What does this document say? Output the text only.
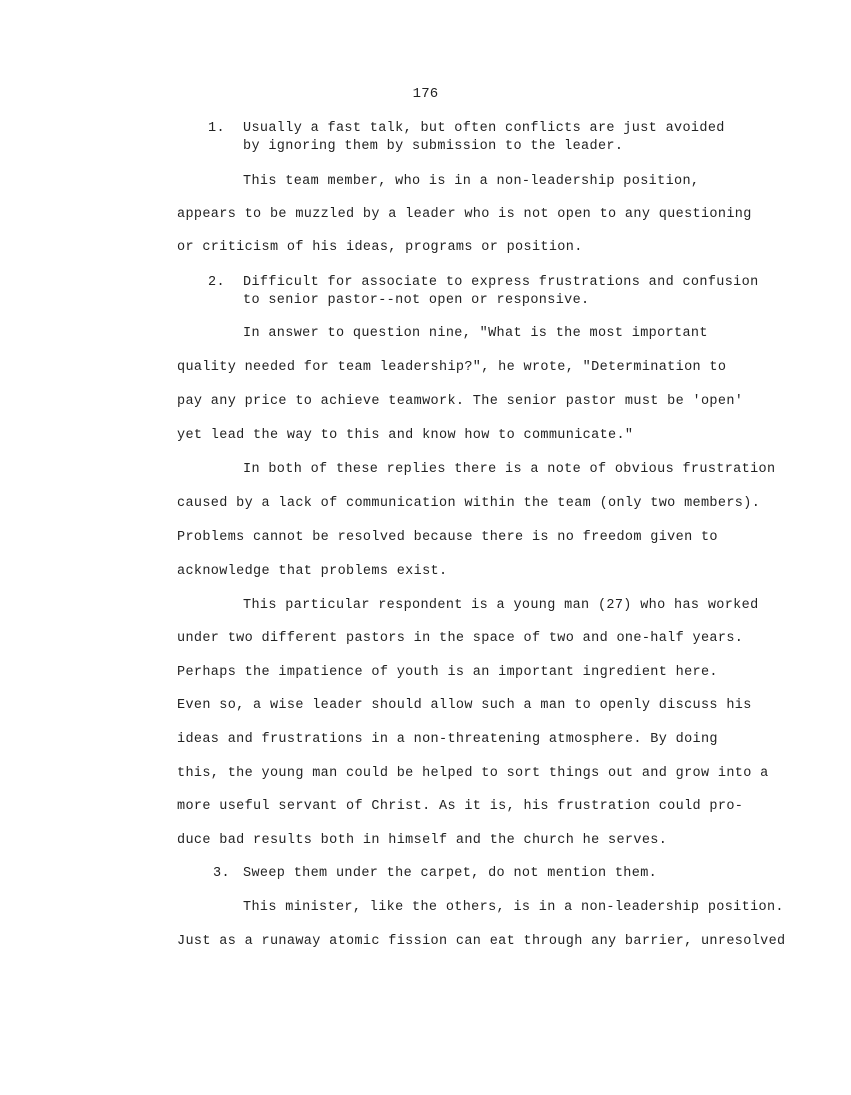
176
1. Usually a fast talk, but often conflicts are just avoided
by ignoring them by submission to the leader.
This team member, who is in a non-leadership position,
appears to be muzzled by a leader who is not open to any questioning
or criticism of his ideas, programs or position.
2. Difficult for associate to express frustrations and confusion
to senior pastor--not open or responsive.
In answer to question nine, "What is the most important
quality needed for team leadership?", he wrote, "Determination to
pay any price to achieve teamwork. The senior pastor must be 'open'
yet lead the way to this and know how to communicate."
In both of these replies there is a note of obvious frustration
caused by a lack of communication within the team (only two members).
Problems cannot be resolved because there is no freedom given to
acknowledge that problems exist.
This particular respondent is a young man (27) who has worked
under two different pastors in the space of two and one-half years.
Perhaps the impatience of youth is an important ingredient here.
Even so, a wise leader should allow such a man to openly discuss his
ideas and frustrations in a non-threatening atmosphere. By doing
this, the young man could be helped to sort things out and grow into a
more useful servant of Christ. As it is, his frustration could pro-
duce bad results both in himself and the church he serves.
3. Sweep them under the carpet, do not mention them.
This minister, like the others, is in a non-leadership position.
Just as a runaway atomic fission can eat through any barrier, unresolved
